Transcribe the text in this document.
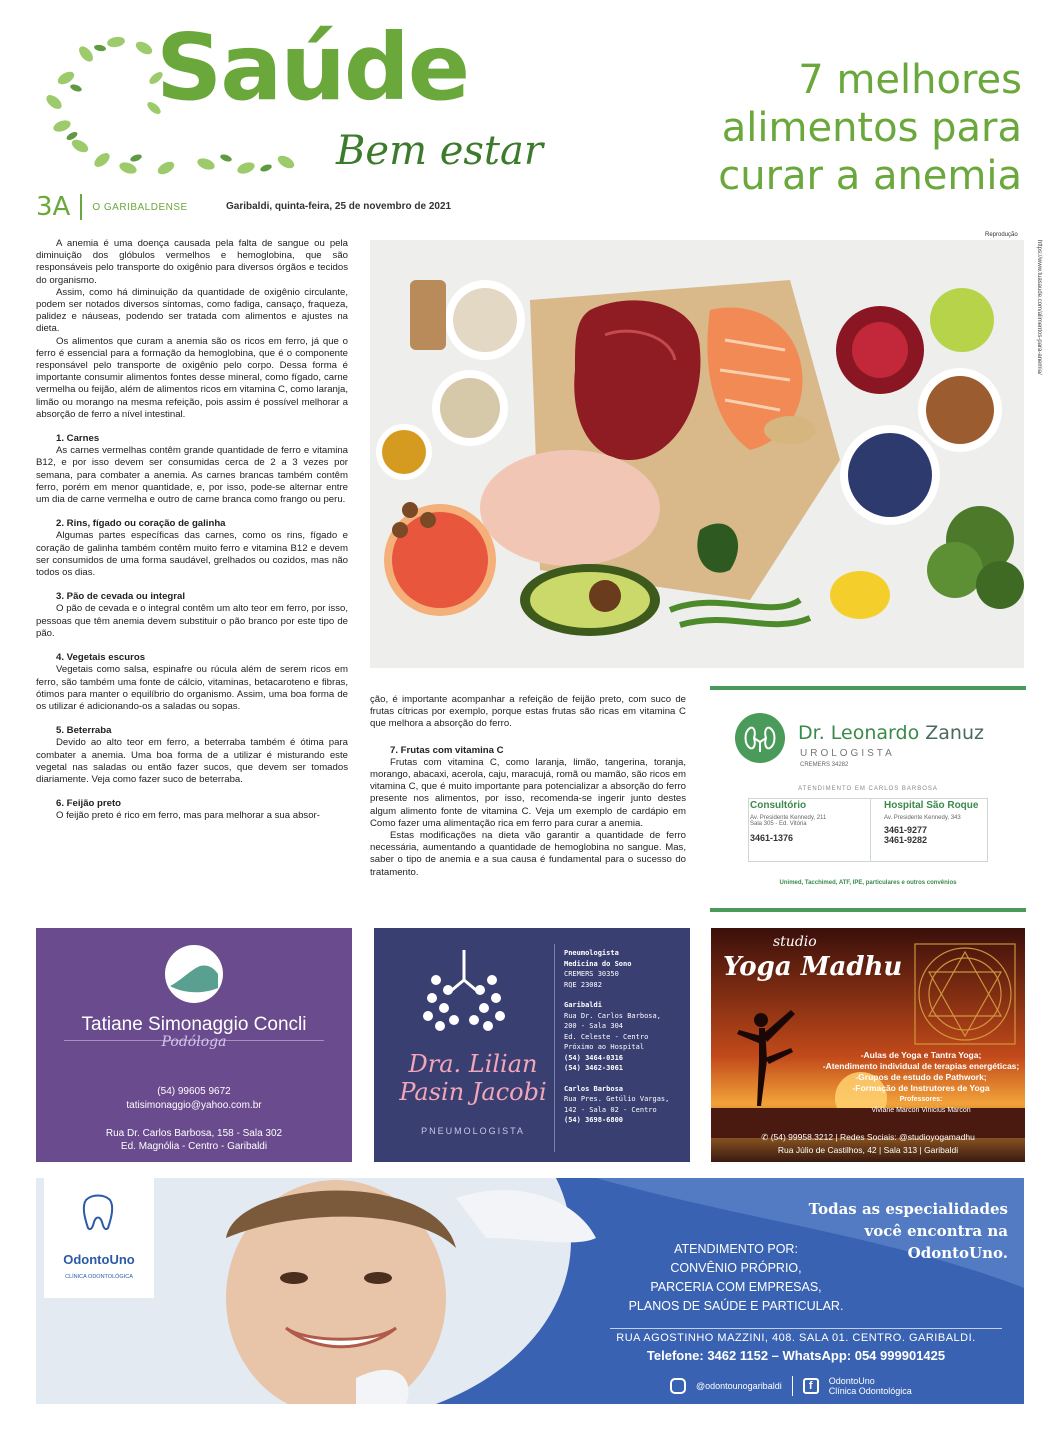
Saúde
Bem estar
7 melhores
alimentos para
curar a anemia
3A O GARIBALDENSE	Garibaldi, quinta-feira, 25 de novembro de 2021

A anemia é uma doença causada pela falta de sangue ou pela diminuição dos glóbulos vermelhos e hemoglobina, que são responsáveis pelo transporte do oxigênio para diversos órgãos e tecidos do organismo.

Assim, como há diminuição da quantidade de oxigênio circulante, podem ser notados diversos sintomas, como fadiga, cansaço, fraqueza, palidez e náuseas, podendo ser tratada com alimentos e ajustes na dieta.

Os alimentos que curam a anemia são os ricos em ferro, já que o ferro é essencial para a formação da hemoglobina, que é o componente responsável pelo transporte de oxigênio pelo corpo. Dessa forma é importante consumir alimentos fontes desse mineral, como fígado, carne vermelha ou feijão, além de alimentos ricos em vitamina C, como laranja, limão ou morango na mesma refeição, pois assim é possível melhorar a absorção de ferro a nível intestinal.

1. Carnes

As carnes vermelhas contêm grande quantidade de ferro e vitamina B12, e por isso devem ser consumidas cerca de 2 a 3 vezes por semana, para combater a anemia. As carnes brancas também contêm ferro, porém em menor quantidade, e, por isso, pode-se alternar entre um dia de carne vermelha e outro de carne branca como frango ou peru.

2. Rins, fígado ou coração de galinha

Algumas partes específicas das carnes, como os rins, fígado e coração de galinha também contêm muito ferro e vitamina B12 e devem ser consumidos de uma forma saudável, grelhados ou cozidos, mas não todos os dias.

3. Pão de cevada ou integral

O pão de cevada e o integral contêm um alto teor em ferro, por isso, pessoas que têm anemia devem substituir o pão branco por este tipo de pão.

4. Vegetais escuros

Vegetais como salsa, espinafre ou rúcula além de serem ricos em ferro, são também uma fonte de cálcio, vitaminas, betacaroteno e fibras, ótimos para manter o equilíbrio do organismo. Assim, uma boa forma de os utilizar é adicionando-os a saladas ou sopas.

5. Beterraba

Devido ao alto teor em ferro, a beterraba também é ótima para combater a anemia. Uma boa forma de a utilizar é misturando este vegetal nas saladas ou então fazer sucos, que devem ser tomados diariamente. Veja como fazer suco de beterraba.

6. Feijão preto

O feijão preto é rico em ferro, mas para melhorar a sua absor-

Reprodução
https://www.tuasaude.com/alimentos-para-anemia/

ção, é importante acompanhar a refeição de feijão preto, com suco de frutas cítricas por exemplo, porque estas frutas são ricas em vitamina C que melhora a absorção do ferro.

7. Frutas com vitamina C

Frutas com vitamina C, como laranja, limão, tangerina, toranja, morango, abacaxi, acerola, caju, maracujá, romã ou mamão, são ricos em vitamina C, que é muito importante para potencializar a absorção do ferro presente nos alimentos, por isso, recomenda-se ingerir junto destes algum alimento fonte de vitamina C. Veja um exemplo de cardápio em Como fazer uma alimentação rica em ferro para curar a anemia.

Estas modificações na dieta vão garantir a quantidade de ferro necessária, aumentando a quantidade de hemoglobina no sangue. Mas, saber o tipo de anemia e a sua causa é fundamental para o sucesso do tratamento.

Dr. Leonardo Zanuz
UROLOGISTA
CREMERS 34282
ATENDIMENTO EM CARLOS BARBOSA
Consultório
Av. Presidente Kennedy, 211
Sala 305 - Ed. Vitória
3461-1376
Hospital São Roque
Av. Presidente Kennedy, 343
3461-9277
3461-9282
Unimed, Tacchimed, ATF, IPE, particulares e outros convênios
Tatiane Simonaggio Concli
Podóloga
(54) 99605 9672
tatisimonaggio@yahoo.com.br
Rua Dr. Carlos Barbosa, 158 - Sala 302
Ed. Magnólia - Centro - Garibaldi
Dra. Lilian
Pasin Jacobi
PNEUMOLOGISTA
Pneumologista
Medicina do Sono
CREMERS 30350
RQE 23082
Garibaldi
Rua Dr. Carlos Barbosa,
200 - Sala 304
Ed. Celeste - Centro
Próximo ao Hospital
(54) 3464-0316
(54) 3462-3061
Carlos Barbosa
Rua Pres. Getúlio Vargas,
142 - Sala 02 - Centro
(54) 3698-6800
studio
Yoga Madhu
-Aulas de Yoga e Tantra Yoga;
-Atendimento individual de terapias energéticas;
-Grupos de estudo de Pathwork;
-Formação de Instrutores de Yoga
Professores:
Viviane Marcon Vinicius Marcon
✆ (54) 99958.3212 | Redes Sociais: @studioyogamadhu
Rua Júlio de Castilhos, 42 | Sala 313 | Garibaldi
OdontoUno
CLÍNICA ODONTOLÓGICA
Todas as especialidades
você encontra na
OdontoUno.
ATENDIMENTO POR:
CONVÊNIO PRÓPRIO,
PARCERIA COM EMPRESAS,
PLANOS DE SAÚDE E PARTICULAR.
RUA AGOSTINHO MAZZINI, 408. SALA 01. CENTRO. GARIBALDI.
Telefone: 3462 1152 – WhatsApp: 054 999901425
@odontounogaribaldi	f	OdontoUno
Clínica Odontológica
